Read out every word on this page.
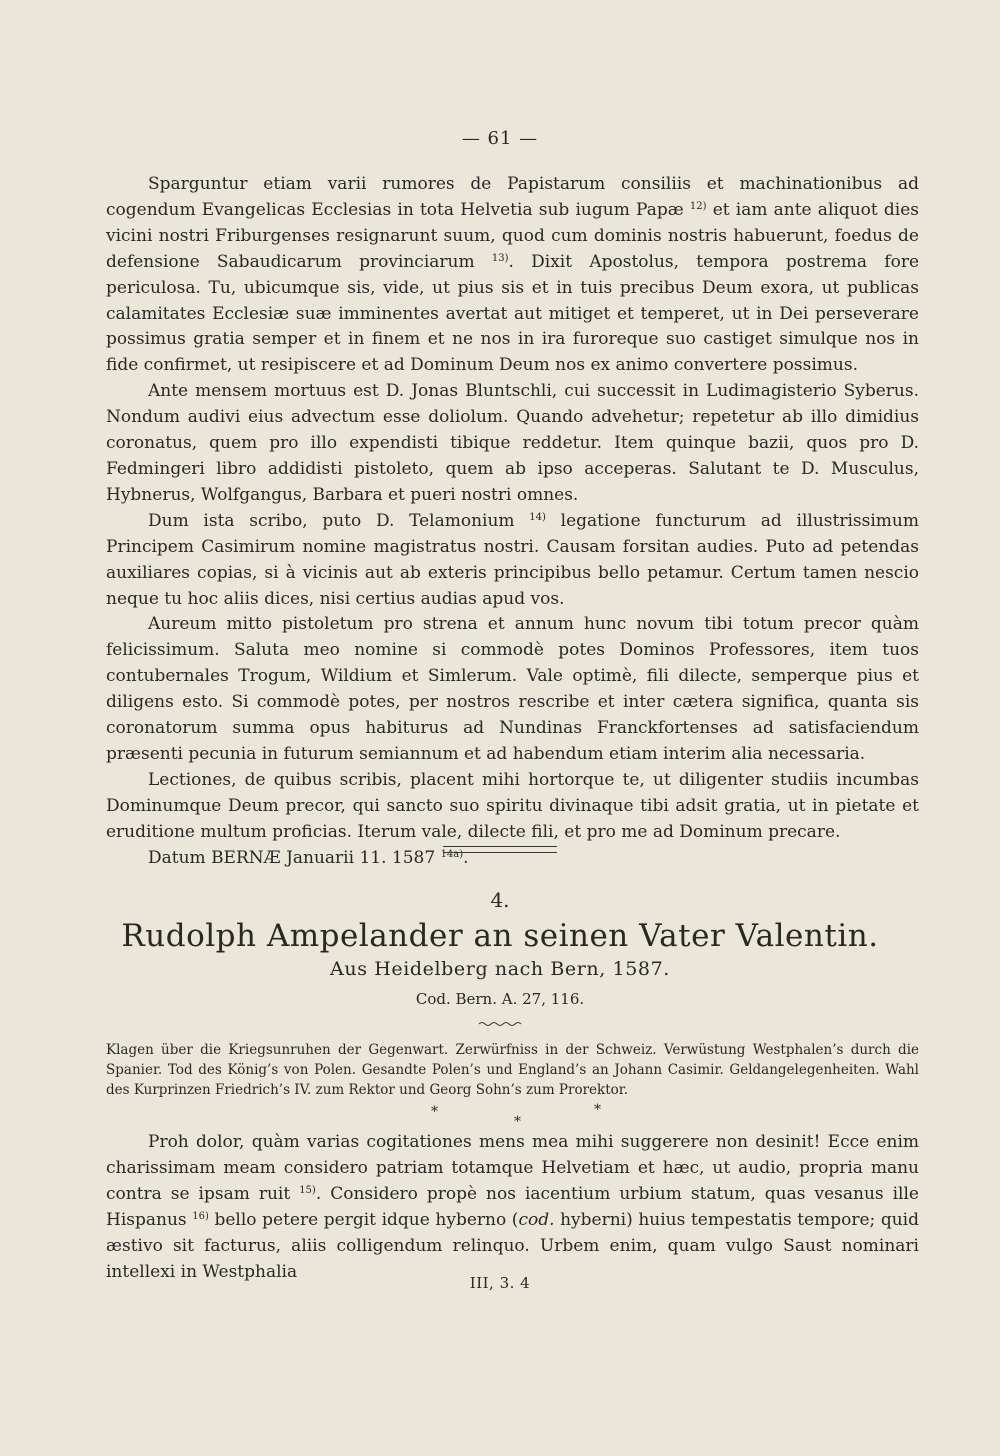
— 61 —

Sparguntur etiam varii rumores de Papistarum consiliis et machinationibus ad cogendum Evangelicas Ecclesias in tota Helvetia sub iugum Papæ $^{12)}$ et iam ante aliquot dies vicini nostri Friburgenses resignarunt suum, quod cum dominis nostris habuerunt, foedus de defensione Sabaudicarum provinciarum $^{13)}$. Dixit Apostolus, tempora postrema fore periculosa. Tu, ubicumque sis, vide, ut pius sis et in tuis precibus Deum exora, ut publicas calamitates Ecclesiæ suæ imminentes avertat aut mitiget et temperet, ut in Dei perseverare possimus gratia semper et in finem et ne nos in ira furoreque suo castiget simulque nos in fide confirmet, ut resipiscere et ad Dominum Deum nos ex animo convertere possimus.

Ante mensem mortuus est D. Jonas Bluntschli, cui successit in Ludimagisterio Syberus. Nondum audivi eius advectum esse doliolum. Quando advehetur; repetetur ab illo dimidius coronatus, quem pro illo expendisti tibique reddetur. Item quinque bazii, quos pro D. Fedmingeri libro addidisti pistoleto, quem ab ipso acceperas. Salutant te D. Musculus, Hybnerus, Wolfgangus, Barbara et pueri nostri omnes.

Dum ista scribo, puto D. Telamonium $^{14)}$ legatione functurum ad illustrissimum Principem Casimirum nomine magistratus nostri. Causam forsitan audies. Puto ad petendas auxiliares copias, si à vicinis aut ab exteris principibus bello petamur. Certum tamen nescio neque tu hoc aliis dices, nisi certius audias apud vos.

Aureum mitto pistoletum pro strena et annum hunc novum tibi totum precor quàm felicissimum. Saluta meo nomine si commodè potes Dominos Professores, item tuos contubernales Trogum, Wildium et Simlerum. Vale optimè, fili dilecte, semperque pius et diligens esto. Si commodè potes, per nostros rescribe et inter cætera significa, quanta sis coronatorum summa opus habiturus ad Nundinas Franckfortenses ad satisfaciendum præsenti pecunia in futurum semiannum et ad habendum etiam interim alia necessaria.

Lectiones, de quibus scribis, placent mihi hortorque te, ut diligenter studiis incumbas Dominumque Deum precor, qui sancto suo spiritu divinaque tibi adsit gratia, ut in pietate et eruditione multum proficias. Iterum vale, dilecte fili, et pro me ad Dominum precare.

Datum BERNÆ Januarii 11. 1587 $^{14a)}$.

4.
Rudolph Ampelander an seinen Vater Valentin.
Aus Heidelberg nach Bern, 1587.
Cod. Bern. A. 27, 116.
Klagen über die Kriegsunruhen der Gegenwart. Zerwürfniss in der Schweiz. Verwüstung Westphalen’s durch die Spanier. Tod des König’s von Polen. Gesandte Polen’s und England’s an Johann Casimir. Geldangelegenheiten. Wahl des Kurprinzen Friedrich’s IV. zum Rektor und Georg Sohn’s zum Prorektor.
*
*
*

Proh dolor, quàm varias cogitationes mens mea mihi suggerere non desinit! Ecce enim charissimam meam considero patriam totamque Helvetiam et hæc, ut audio, propria manu contra se ipsam ruit $^{15)}$. Considero propè nos iacentium urbium statum, quas vesanus ille Hispanus $^{16)}$ bello petere pergit idque hyberno (cod. hyberni) huius tempestatis tempore; quid æstivo sit facturus, aliis colligendum relinquo. Urbem enim, quam vulgo Saust nominari intellexi in Westphalia

III, 3. 4
